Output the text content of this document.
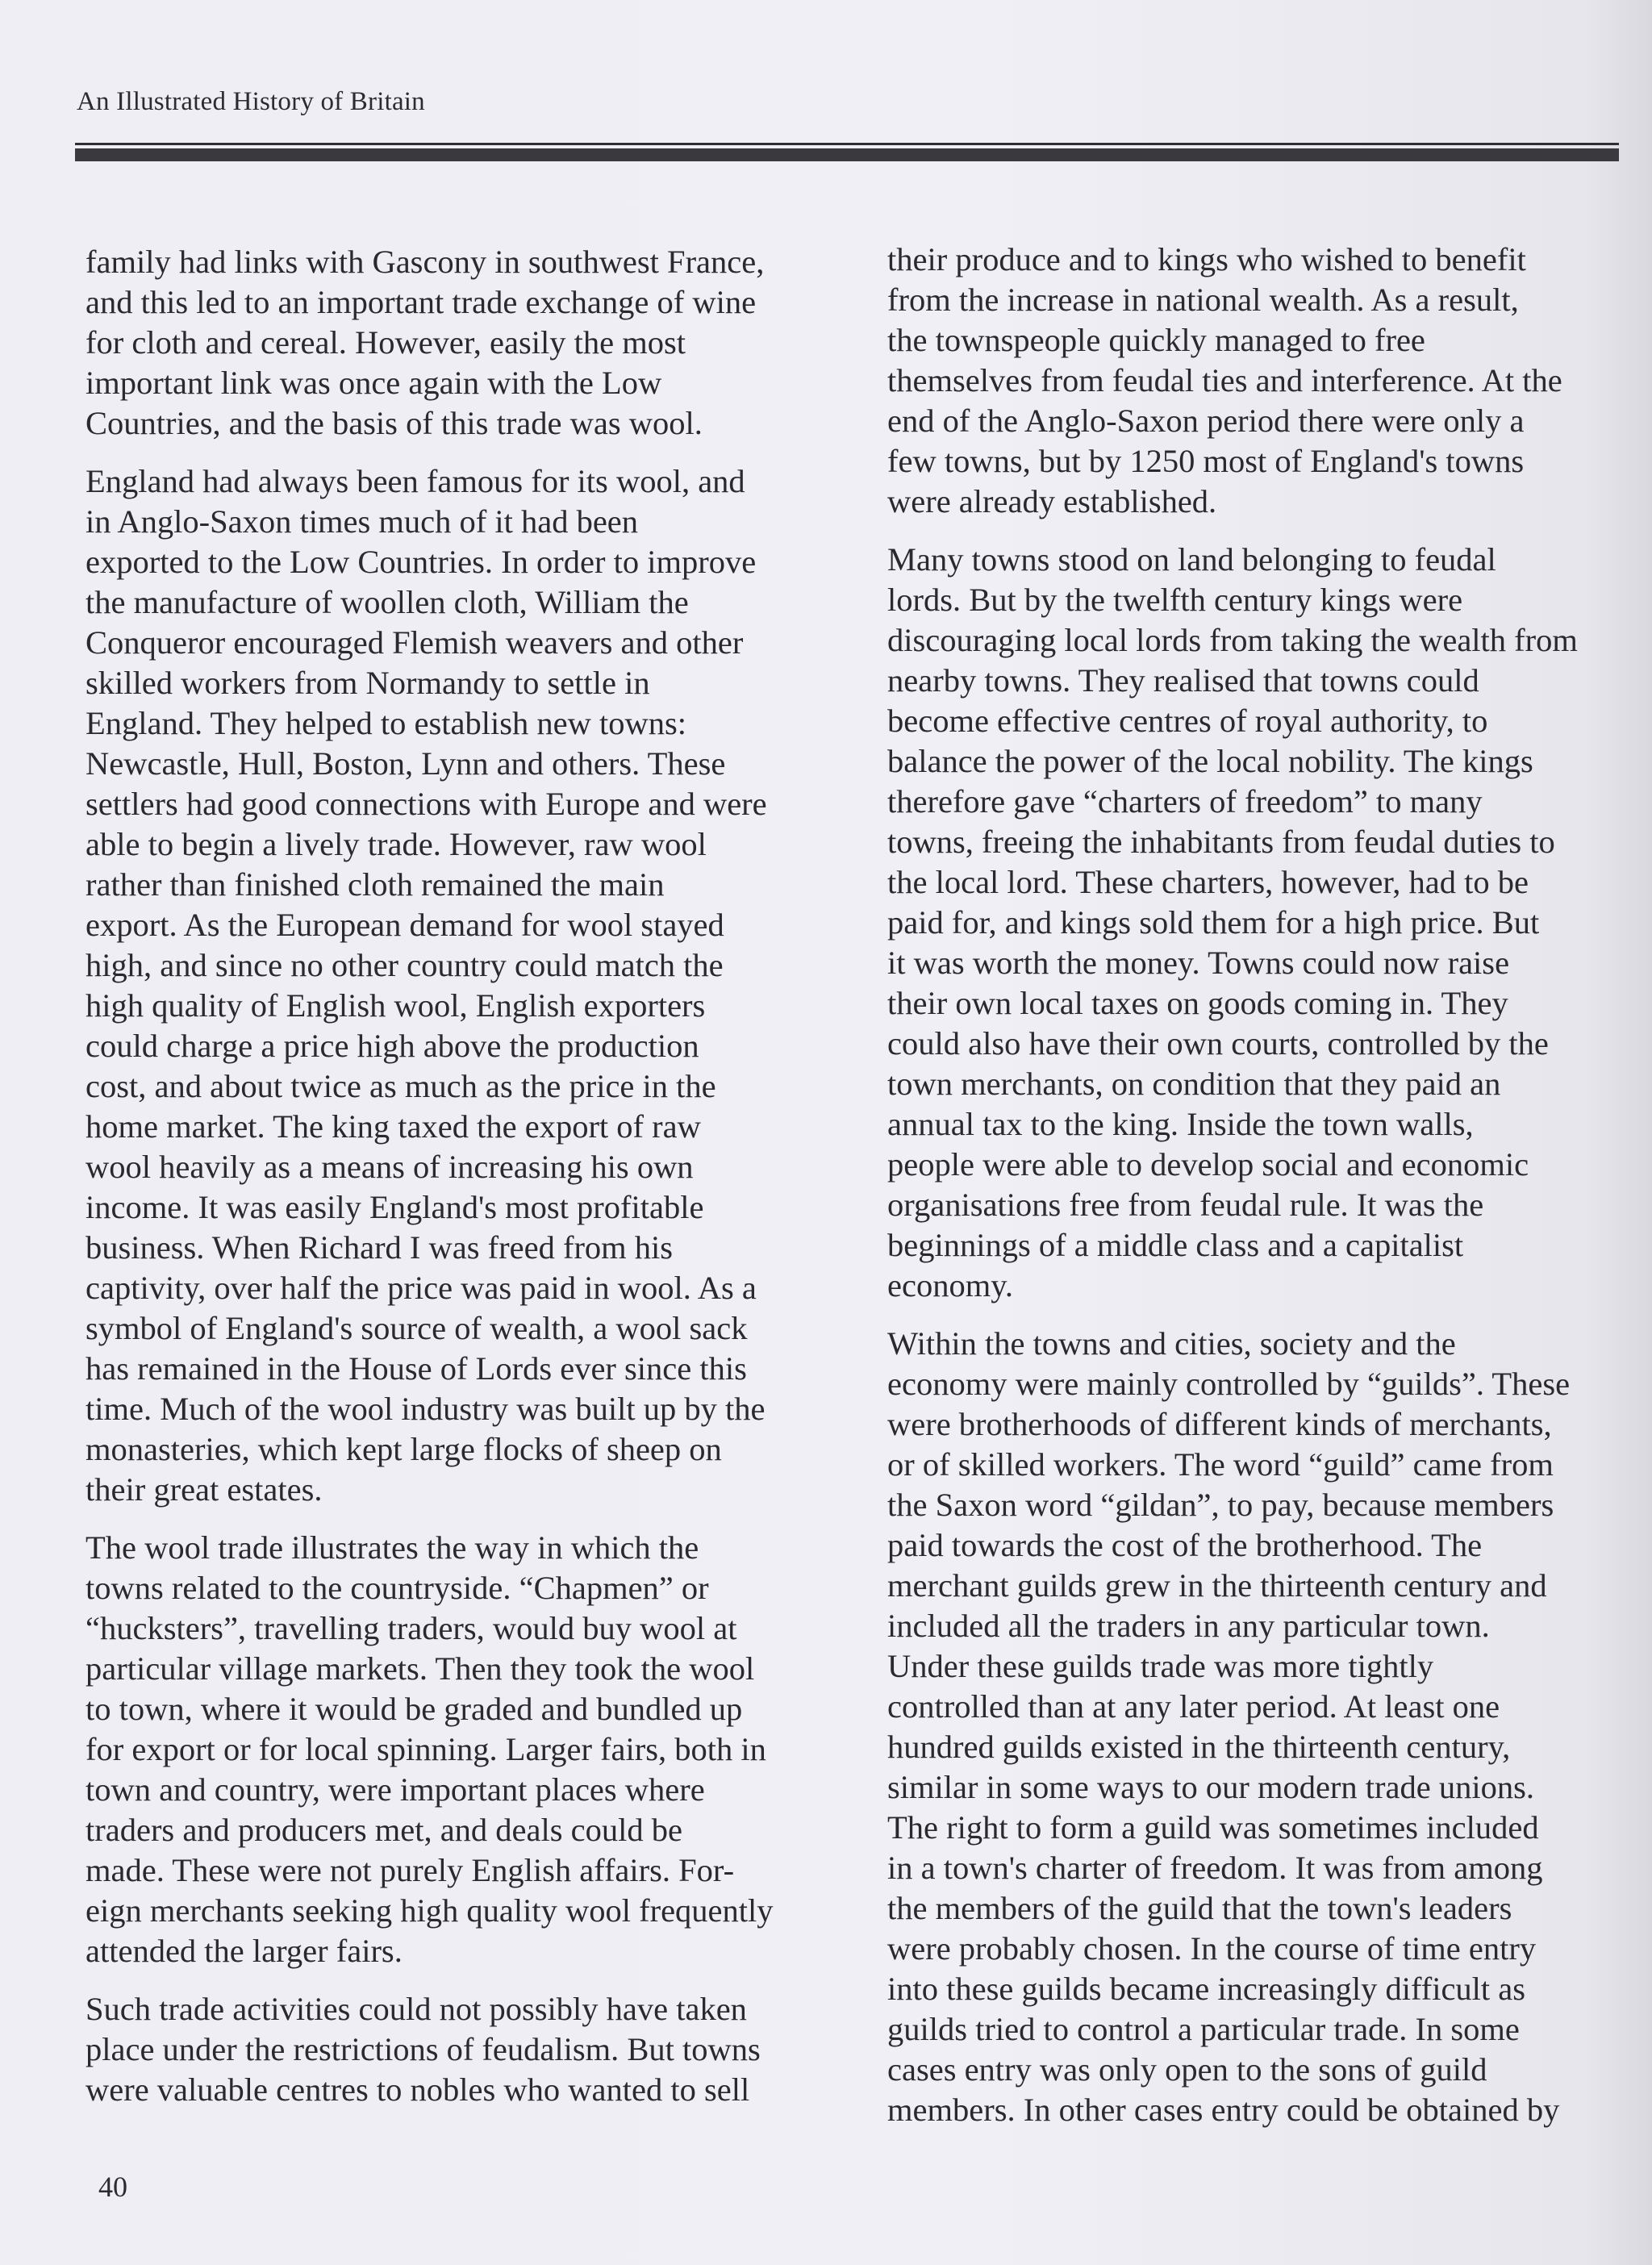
An Illustrated History of Britain
family had links with Gascony in southwest France,
and this led to an important trade exchange of wine
for cloth and cereal. However, easily the most
important link was once again with the Low
Countries, and the basis of this trade was wool.
England had always been famous for its wool, and
in Anglo-Saxon times much of it had been
exported to the Low Countries. In order to improve
the manufacture of woollen cloth, William the
Conqueror encouraged Flemish weavers and other
skilled workers from Normandy to settle in
England. They helped to establish new towns:
Newcastle, Hull, Boston, Lynn and others. These
settlers had good connections with Europe and were
able to begin a lively trade. However, raw wool
rather than finished cloth remained the main
export. As the European demand for wool stayed
high, and since no other country could match the
high quality of English wool, English exporters
could charge a price high above the production
cost, and about twice as much as the price in the
home market. The king taxed the export of raw
wool heavily as a means of increasing his own
income. It was easily England's most profitable
business. When Richard I was freed from his
captivity, over half the price was paid in wool. As a
symbol of England's source of wealth, a wool sack
has remained in the House of Lords ever since this
time. Much of the wool industry was built up by the
monasteries, which kept large flocks of sheep on
their great estates.
The wool trade illustrates the way in which the
towns related to the countryside. “Chapmen” or
“hucksters”, travelling traders, would buy wool at
particular village markets. Then they took the wool
to town, where it would be graded and bundled up
for export or for local spinning. Larger fairs, both in
town and country, were important places where
traders and producers met, and deals could be
made. These were not purely English affairs. For-
eign merchants seeking high quality wool frequently
attended the larger fairs.
Such trade activities could not possibly have taken
place under the restrictions of feudalism. But towns
were valuable centres to nobles who wanted to sell
their produce and to kings who wished to benefit
from the increase in national wealth. As a result,
the townspeople quickly managed to free
themselves from feudal ties and interference. At the
end of the Anglo-Saxon period there were only a
few towns, but by 1250 most of England's towns
were already established.
Many towns stood on land belonging to feudal
lords. But by the twelfth century kings were
discouraging local lords from taking the wealth from
nearby towns. They realised that towns could
become effective centres of royal authority, to
balance the power of the local nobility. The kings
therefore gave “charters of freedom” to many
towns, freeing the inhabitants from feudal duties to
the local lord. These charters, however, had to be
paid for, and kings sold them for a high price. But
it was worth the money. Towns could now raise
their own local taxes on goods coming in. They
could also have their own courts, controlled by the
town merchants, on condition that they paid an
annual tax to the king. Inside the town walls,
people were able to develop social and economic
organisations free from feudal rule. It was the
beginnings of a middle class and a capitalist
economy.
Within the towns and cities, society and the
economy were mainly controlled by “guilds”. These
were brotherhoods of different kinds of merchants,
or of skilled workers. The word “guild” came from
the Saxon word “gildan”, to pay, because members
paid towards the cost of the brotherhood. The
merchant guilds grew in the thirteenth century and
included all the traders in any particular town.
Under these guilds trade was more tightly
controlled than at any later period. At least one
hundred guilds existed in the thirteenth century,
similar in some ways to our modern trade unions.
The right to form a guild was sometimes included
in a town's charter of freedom. It was from among
the members of the guild that the town's leaders
were probably chosen. In the course of time entry
into these guilds became increasingly difficult as
guilds tried to control a particular trade. In some
cases entry was only open to the sons of guild
members. In other cases entry could be obtained by
40
